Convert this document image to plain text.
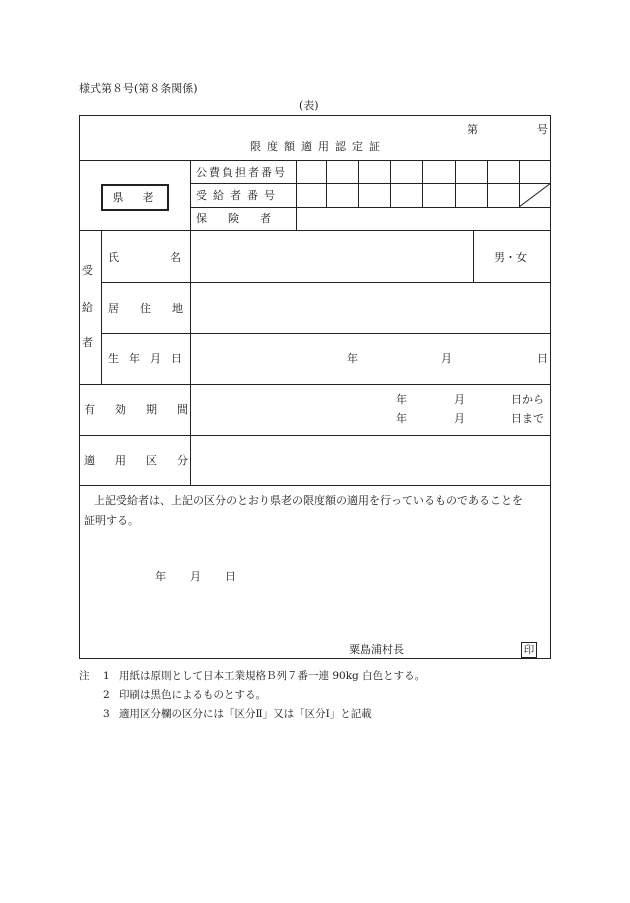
様式第８号(第８条関係)
(表)
第	号
限度額適用認定証
県　老
公費負担者番号
受給者番号
保険者
受
給
者
氏名	男・女
居住地
生年月日	年	月	日
有効期間
年	月	日から
年	月	日まで
適用区分
上記受給者は、上記の区分のとおり県老の限度額の適用を行っているものであることを
証明する。
年 月 日
粟島浦村長	印
注 1 用紙は原則として日本工業規格Ｂ列７番一連 90kg 白色とする。
2 印刷は黒色によるものとする。
3 適用区分欄の区分には「区分Ⅱ」又は「区分Ⅰ」と記載
